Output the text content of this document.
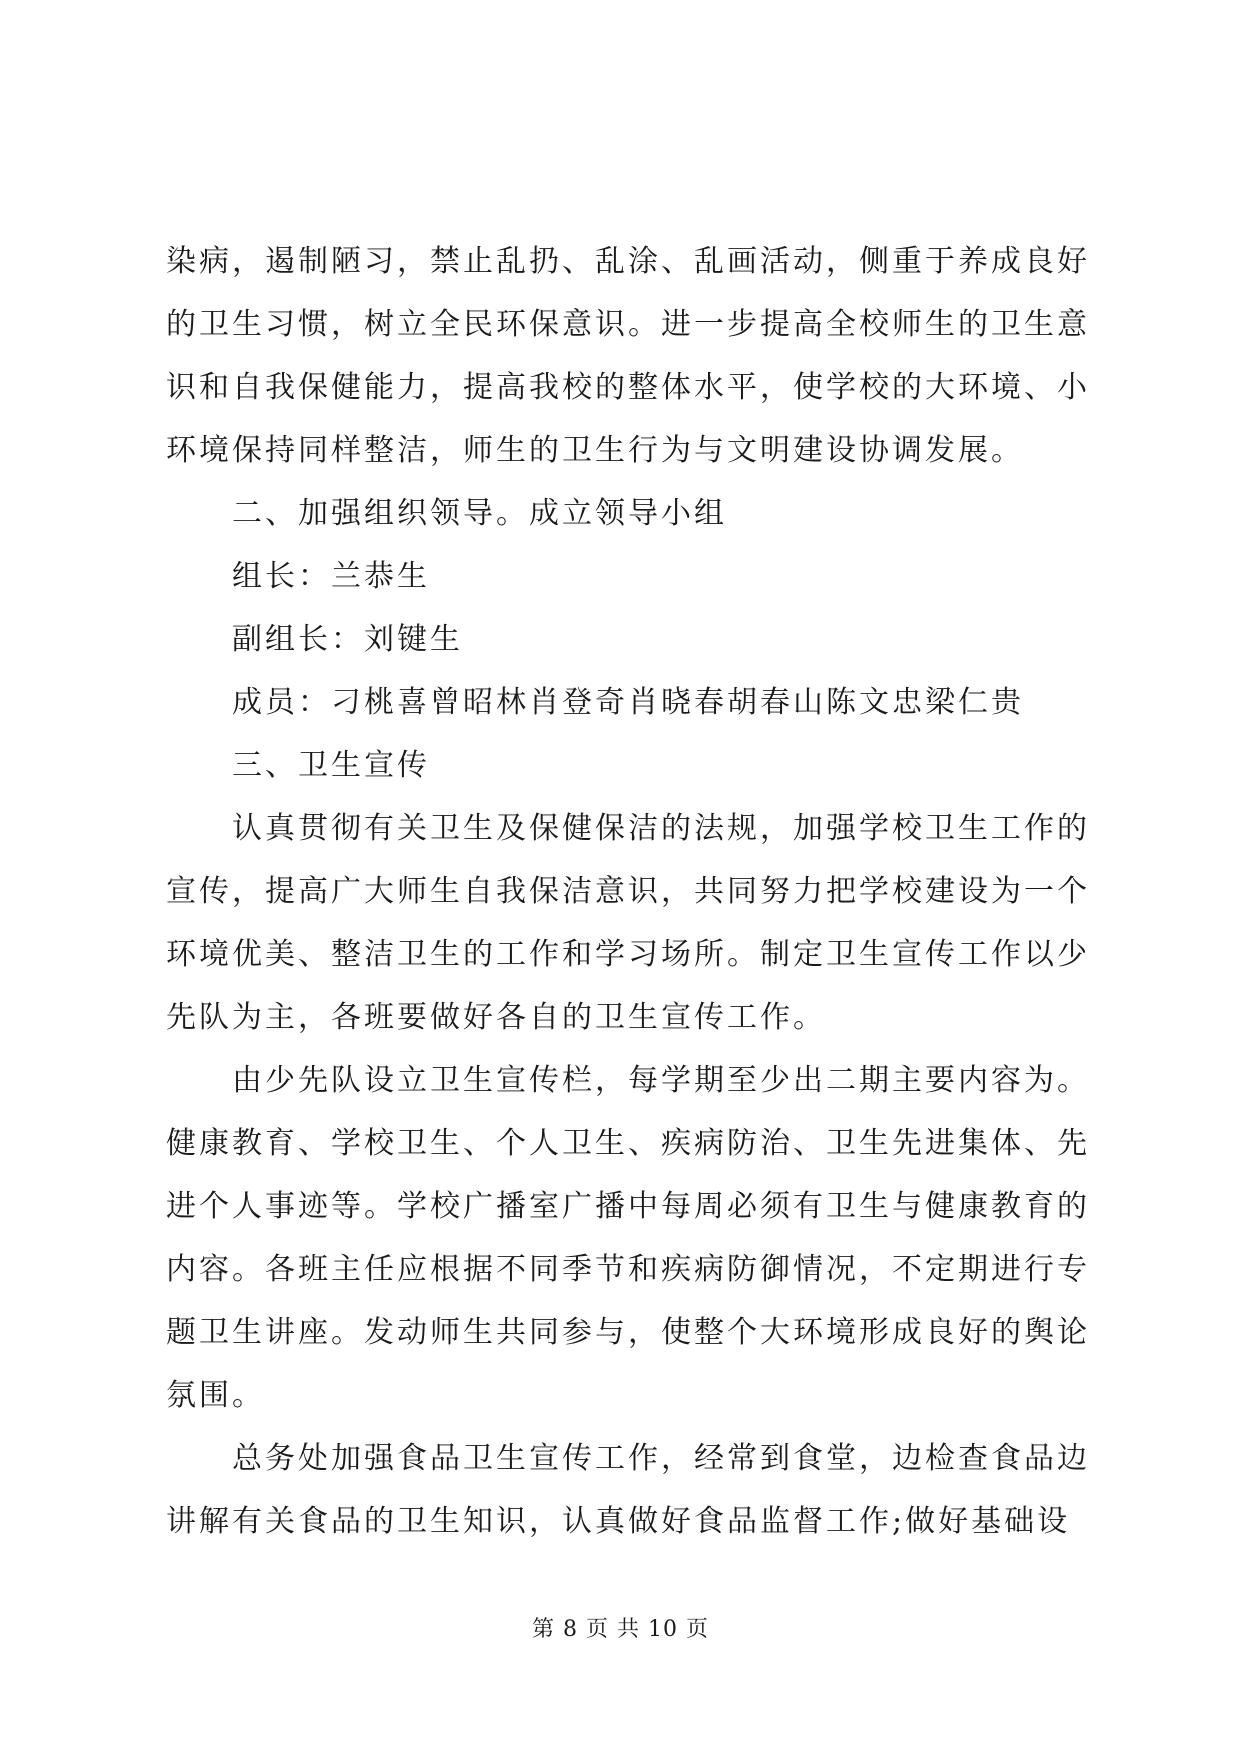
染病，遏制陋习，禁止乱扔、乱涂、乱画活动，侧重于养成良好

的卫生习惯，树立全民环保意识。进一步提高全校师生的卫生意

识和自我保健能力，提高我校的整体水平，使学校的大环境、小

环境保持同样整洁，师生的卫生行为与文明建设协调发展。

二、加强组织领导。成立领导小组

组长：兰恭生

副组长：刘键生

成员：刁桃喜曾昭林肖登奇肖晓春胡春山陈文忠梁仁贵

三、卫生宣传

认真贯彻有关卫生及保健保洁的法规，加强学校卫生工作的

宣传，提高广大师生自我保洁意识，共同努力把学校建设为一个

环境优美、整洁卫生的工作和学习场所。制定卫生宣传工作以少

先队为主，各班要做好各自的卫生宣传工作。

由少先队设立卫生宣传栏，每学期至少出二期主要内容为。

健康教育、学校卫生、个人卫生、疾病防治、卫生先进集体、先

进个人事迹等。学校广播室广播中每周必须有卫生与健康教育的

内容。各班主任应根据不同季节和疾病防御情况，不定期进行专

题卫生讲座。发动师生共同参与，使整个大环境形成良好的舆论

氛围。

总务处加强食品卫生宣传工作，经常到食堂，边检查食品边

讲解有关食品的卫生知识，认真做好食品监督工作;做好基础设

第 8 页 共 10 页
